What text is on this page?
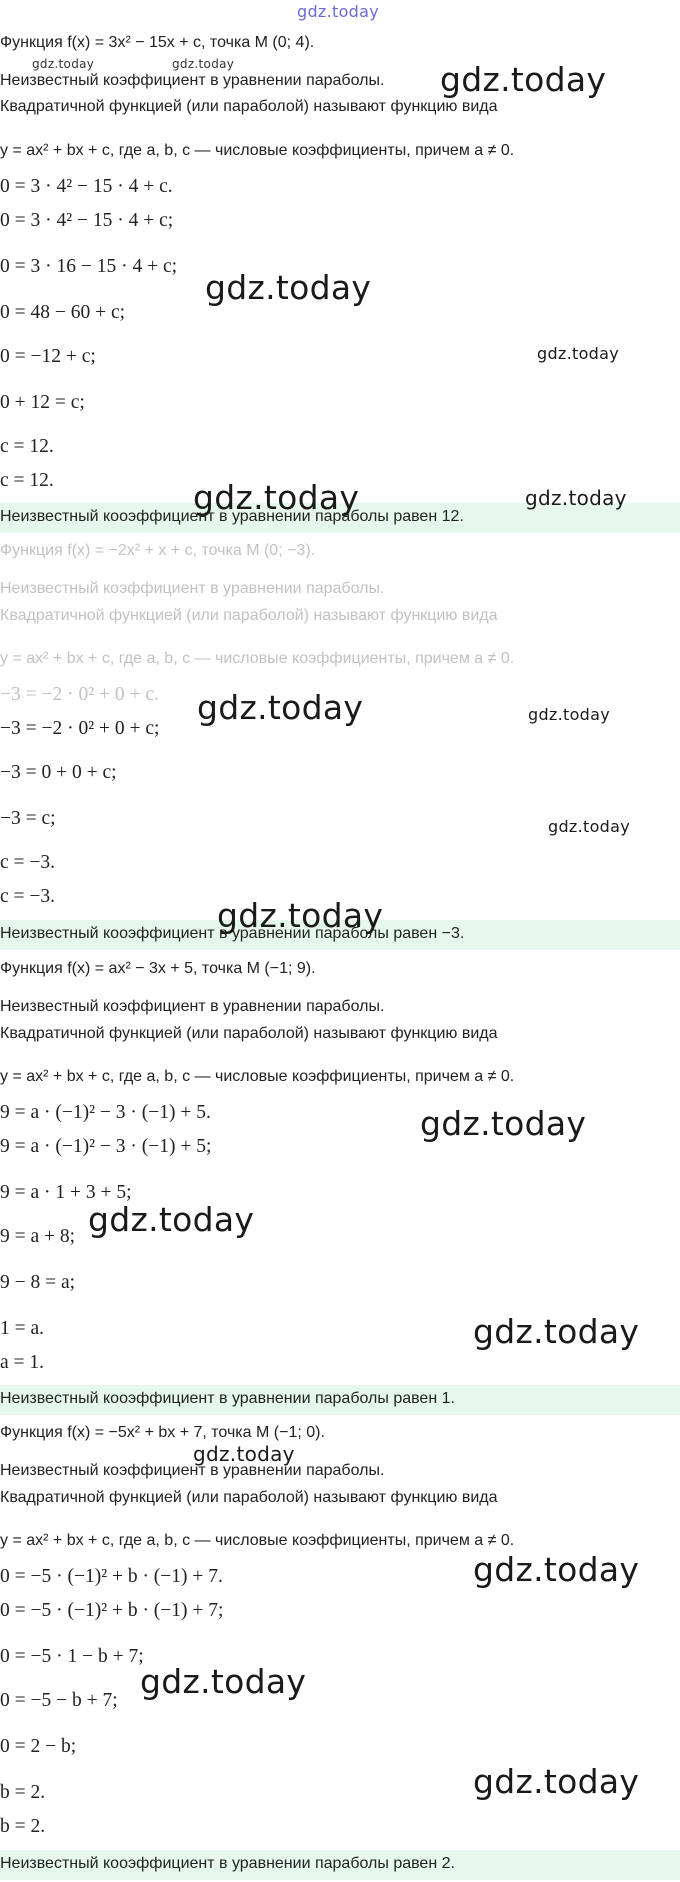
gdz.today
Функция f(x) = 3x² − 15x + c, точка M (0; 4).
Неизвестный коэффициент в уравнении параболы.
Квадратичной функцией (или параболой) называют функцию вида
y = ax² + bx + c, где a, b, c — числовые коэффициенты, причем a ≠ 0.
0 = 3 · 4² − 15 · 4 + c.
0 = 3 · 4² − 15 · 4 + c;
0 = 3 · 16 − 15 · 4 + c;
0 = 48 − 60 + c;
0 = −12 + c;
0 + 12 = c;
c = 12.
c = 12.
Неизвестный кооэффициент в уравнении параболы равен 12.
Функция f(x) = −2x² + x + c, точка M (0; −3).
Неизвестный коэффициент в уравнении параболы.
Квадратичной функцией (или параболой) называют функцию вида
y = ax² + bx + c, где a, b, c — числовые коэффициенты, причем a ≠ 0.
−3 = −2 · 0² + 0 + c.
−3 = −2 · 0² + 0 + c;
−3 = 0 + 0 + c;
−3 = c;
c = −3.
c = −3.
Неизвестный кооэффициент в уравнении параболы равен −3.
Функция f(x) = ax² − 3x + 5, точка M (−1; 9).
Неизвестный коэффициент в уравнении параболы.
Квадратичной функцией (или параболой) называют функцию вида
y = ax² + bx + c, где a, b, c — числовые коэффициенты, причем a ≠ 0.
9 = a · (−1)² − 3 · (−1) + 5.
9 = a · (−1)² − 3 · (−1) + 5;
9 = a · 1 + 3 + 5;
9 = a + 8;
9 − 8 = a;
1 = a.
a = 1.
Неизвестный кооэффициент в уравнении параболы равен 1.
Функция f(x) = −5x² + bx + 7, точка M (−1; 0).
Неизвестный коэффициент в уравнении параболы.
Квадратичной функцией (или параболой) называют функцию вида
y = ax² + bx + c, где a, b, c — числовые коэффициенты, причем a ≠ 0.
0 = −5 · (−1)² + b · (−1) + 7.
0 = −5 · (−1)² + b · (−1) + 7;
0 = −5 · 1 − b + 7;
0 = −5 − b + 7;
0 = 2 − b;
b = 2.
b = 2.
Неизвестный кооэффициент в уравнении параболы равен 2.
gdz.today	gdz.today	gdz.today
gdz.today
gdz.today
gdz.today	gdz.today
gdz.today	gdz.today
gdz.today
gdz.today
gdz.today
gdz.today
gdz.today
gdz.today
gdz.today
gdz.today
gdz.today
